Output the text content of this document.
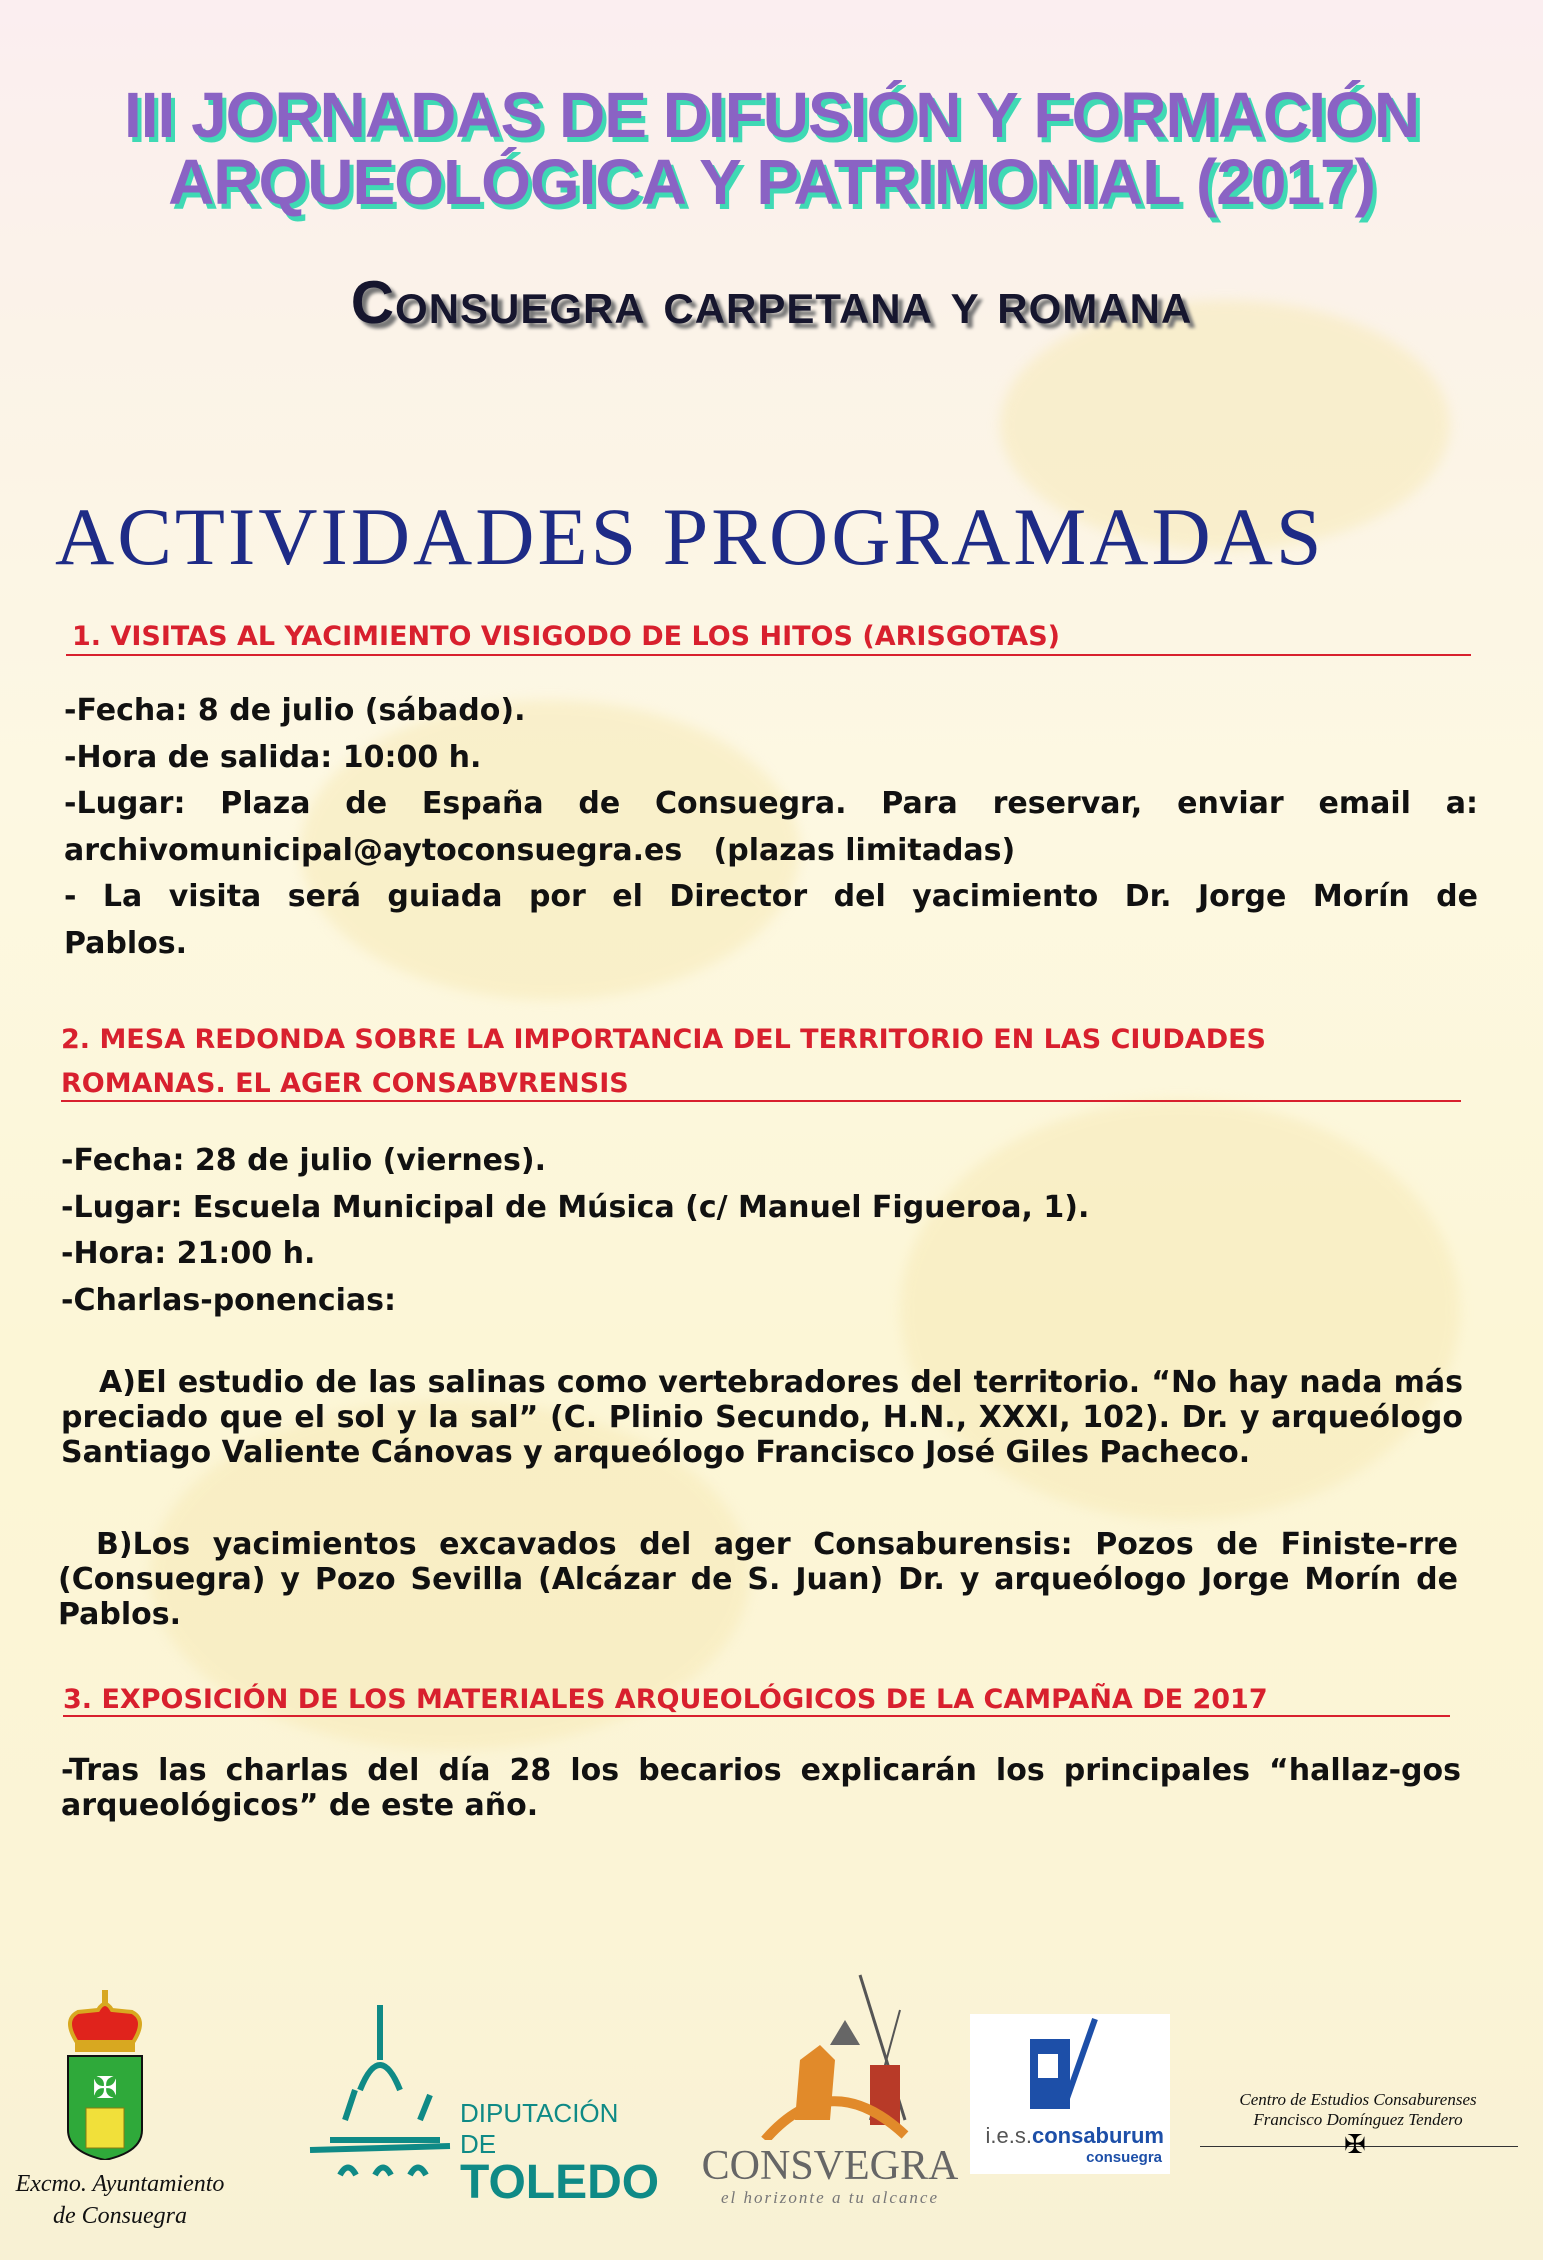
III JORNADAS DE DIFUSIÓN Y FORMACIÓN
ARQUEOLÓGICA Y PATRIMONIAL (2017)
Consuegra carpetana y romana
ACTIVIDADES PROGRAMADAS
1. VISITAS AL YACIMIENTO VISIGODO DE LOS HITOS (ARISGOTAS)
-Fecha: 8 de julio (sábado).
-Hora de salida: 10:00 h.
-Lugar: Plaza de España de Consuegra. Para reservar, enviar email a:
archivomunicipal@aytoconsuegra.es   (plazas limitadas)
- La visita será guiada por el Director del yacimiento Dr. Jorge Morín de
Pablos.
2. MESA REDONDA SOBRE LA IMPORTANCIA DEL TERRITORIO EN LAS CIUDADES
ROMANAS. EL AGER CONSABVRENSIS
-Fecha: 28 de julio (viernes).
-Lugar: Escuela Municipal de Música (c/ Manuel Figueroa, 1).
-Hora: 21:00 h.
-Charlas-ponencias:
A)El estudio de las salinas como vertebradores del territorio. “No hay nada más preciado que el sol y la sal” (C. Plinio Secundo, H.N., XXXI, 102). Dr. y arqueólogo Santiago Valiente Cánovas y arqueólogo Francisco José Giles Pacheco.
B)Los yacimientos excavados del ager Consaburensis: Pozos de Finiste-rre (Consuegra) y Pozo Sevilla (Alcázar de S. Juan) Dr. y arqueólogo Jorge Morín de Pablos.
3. EXPOSICIÓN DE LOS MATERIALES ARQUEOLÓGICOS DE LA CAMPAÑA DE 2017
-Tras las charlas del día 28 los becarios explicarán los principales “hallaz-gos arqueológicos” de este año.
✠
Excmo. Ayuntamiento
de Consuegra
DIPUTACIÓN DE
TOLEDO CONSVEGRA
el horizonte a tu alcance
i.e.s.consaburum
consuegra
Centro de Estudios Consaburenses
Francisco Domínguez Tendero
✠
